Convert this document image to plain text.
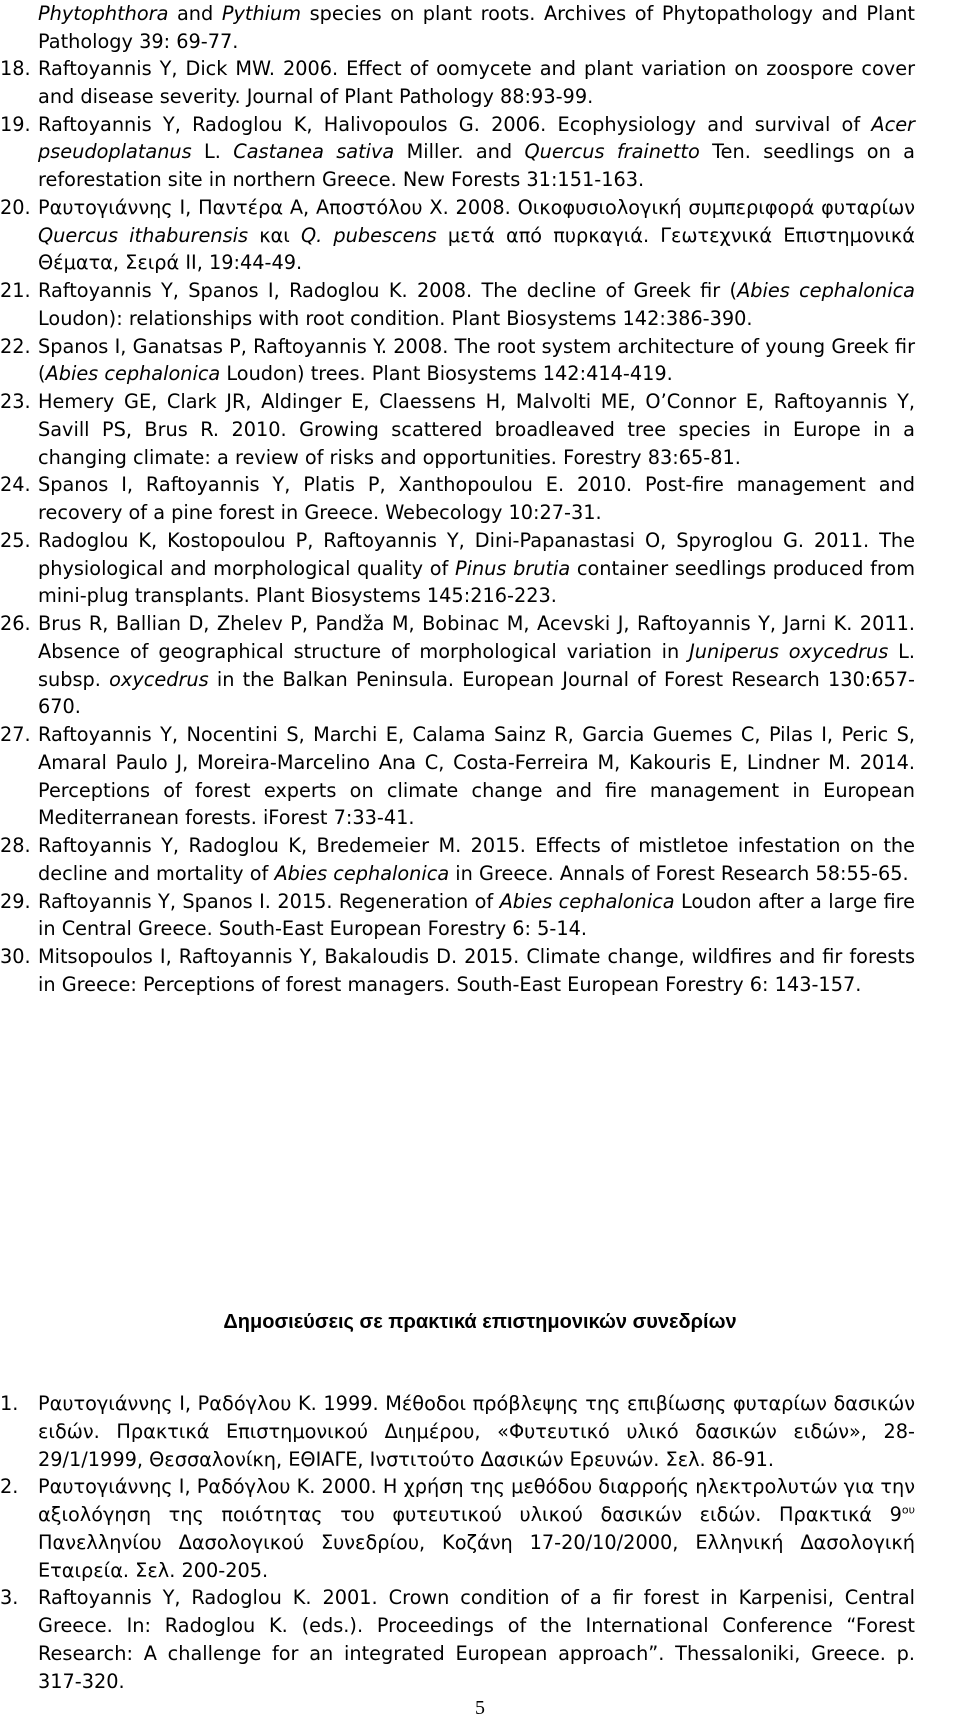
Phytophthora and Pythium species on plant roots. Archives of Phytopathology and Plant Pathology 39: 69-77.
18. Raftoyannis Y, Dick MW. 2006. Effect of oomycete and plant variation on zoospore cover and disease severity. Journal of Plant Pathology 88:93-99.
19. Raftoyannis Y, Radoglou K, Halivopoulos G. 2006. Ecophysiology and survival of Acer pseudoplatanus L. Castanea sativa Miller. and Quercus frainetto Ten. seedlings on a reforestation site in northern Greece. New Forests 31:151-163.
20. Ραυτογιάννης Ι, Παντέρα Α, Αποστόλου Χ. 2008. Οικοφυσιολογική συμπεριφορά φυταρίων Quercus ithaburensis και Q. pubescens μετά από πυρκαγιά. Γεωτεχνικά Επιστημονικά Θέματα, Σειρά ΙΙ, 19:44-49.
21. Raftoyannis Y, Spanos I, Radoglou K. 2008. The decline of Greek fir (Abies cephalonica Loudon): relationships with root condition. Plant Biosystems 142:386-390.
22. Spanos I, Ganatsas P, Raftoyannis Y. 2008. The root system architecture of young Greek fir (Abies cephalonica Loudon) trees. Plant Biosystems 142:414-419.
23. Hemery GE, Clark JR, Aldinger E, Claessens H, Malvolti ME, O’Connor E, Raftoyannis Y, Savill PS, Brus R. 2010. Growing scattered broadleaved tree species in Europe in a changing climate: a review of risks and opportunities. Forestry 83:65-81.
24. Spanos I, Raftoyannis Y, Platis P, Xanthopoulou E. 2010. Post-fire management and recovery of a pine forest in Greece. Webecology 10:27-31.
25. Radoglou K, Kostopoulou P, Raftoyannis Y, Dini-Papanastasi O, Spyroglou G. 2011. The physiological and morphological quality of Pinus brutia container seedlings produced from mini-plug transplants. Plant Biosystems 145:216-223.
26. Brus R, Ballian D, Zhelev P, Pandža M, Bobinac M, Acevski J, Raftoyannis Y, Jarni K. 2011. Absence of geographical structure of morphological variation in Juniperus oxycedrus L. subsp. oxycedrus in the Balkan Peninsula. European Journal of Forest Research 130:657-670.
27. Raftoyannis Y, Nocentini S, Marchi E, Calama Sainz R, Garcia Guemes C, Pilas I, Peric S, Amaral Paulo J, Moreira-Marcelino Ana C, Costa-Ferreira M, Kakouris E, Lindner M. 2014. Perceptions of forest experts on climate change and fire management in European Mediterranean forests. iForest 7:33-41.
28. Raftoyannis Y, Radoglou K, Bredemeier M. 2015. Effects of mistletoe infestation on the decline and mortality of Abies cephalonica in Greece. Annals of Forest Research 58:55-65.
29. Raftoyannis Y, Spanos I. 2015. Regeneration of Abies cephalonica Loudon after a large fire in Central Greece. South-East European Forestry 6: 5-14.
30. Mitsopoulos I, Raftoyannis Y, Bakaloudis D. 2015. Climate change, wildfires and fir forests in Greece: Perceptions of forest managers. South-East European Forestry 6: 143-157.
Δημοσιεύσεις σε πρακτικά επιστημονικών συνεδρίων
1.	Ραυτογιάννης Ι, Ραδόγλου Κ. 1999. Μέθοδοι πρόβλεψης της επιβίωσης φυταρίων δασικών ειδών. Πρακτικά Επιστημονικού Διημέρου, «Φυτευτικό υλικό δασικών ειδών», 28-29/1/1999, Θεσσαλονίκη, ΕΘΙΑΓΕ, Ινστιτούτο Δασικών Ερευνών. Σελ. 86-91.
2.	Ραυτογιάννης Ι, Ραδόγλου Κ. 2000. Η χρήση της μεθόδου διαρροής ηλεκτρολυτών για την αξιολόγηση της ποιότητας του φυτευτικού υλικού δασικών ειδών. Πρακτικά $9^{o\upsilon}$ Πανελληνίου Δασολογικού Συνεδρίου, Κοζάνη 17-20/10/2000, Ελληνική Δασολογική Εταιρεία. Σελ. 200-205.
3.	Raftoyannis Y, Radoglou K. 2001. Crown condition of a fir forest in Karpenisi, Central Greece. In: Radoglou K. (eds.). Proceedings of the International Conference “Forest Research: A challenge for an integrated European approach”. Thessaloniki, Greece. p. 317-320.
5
